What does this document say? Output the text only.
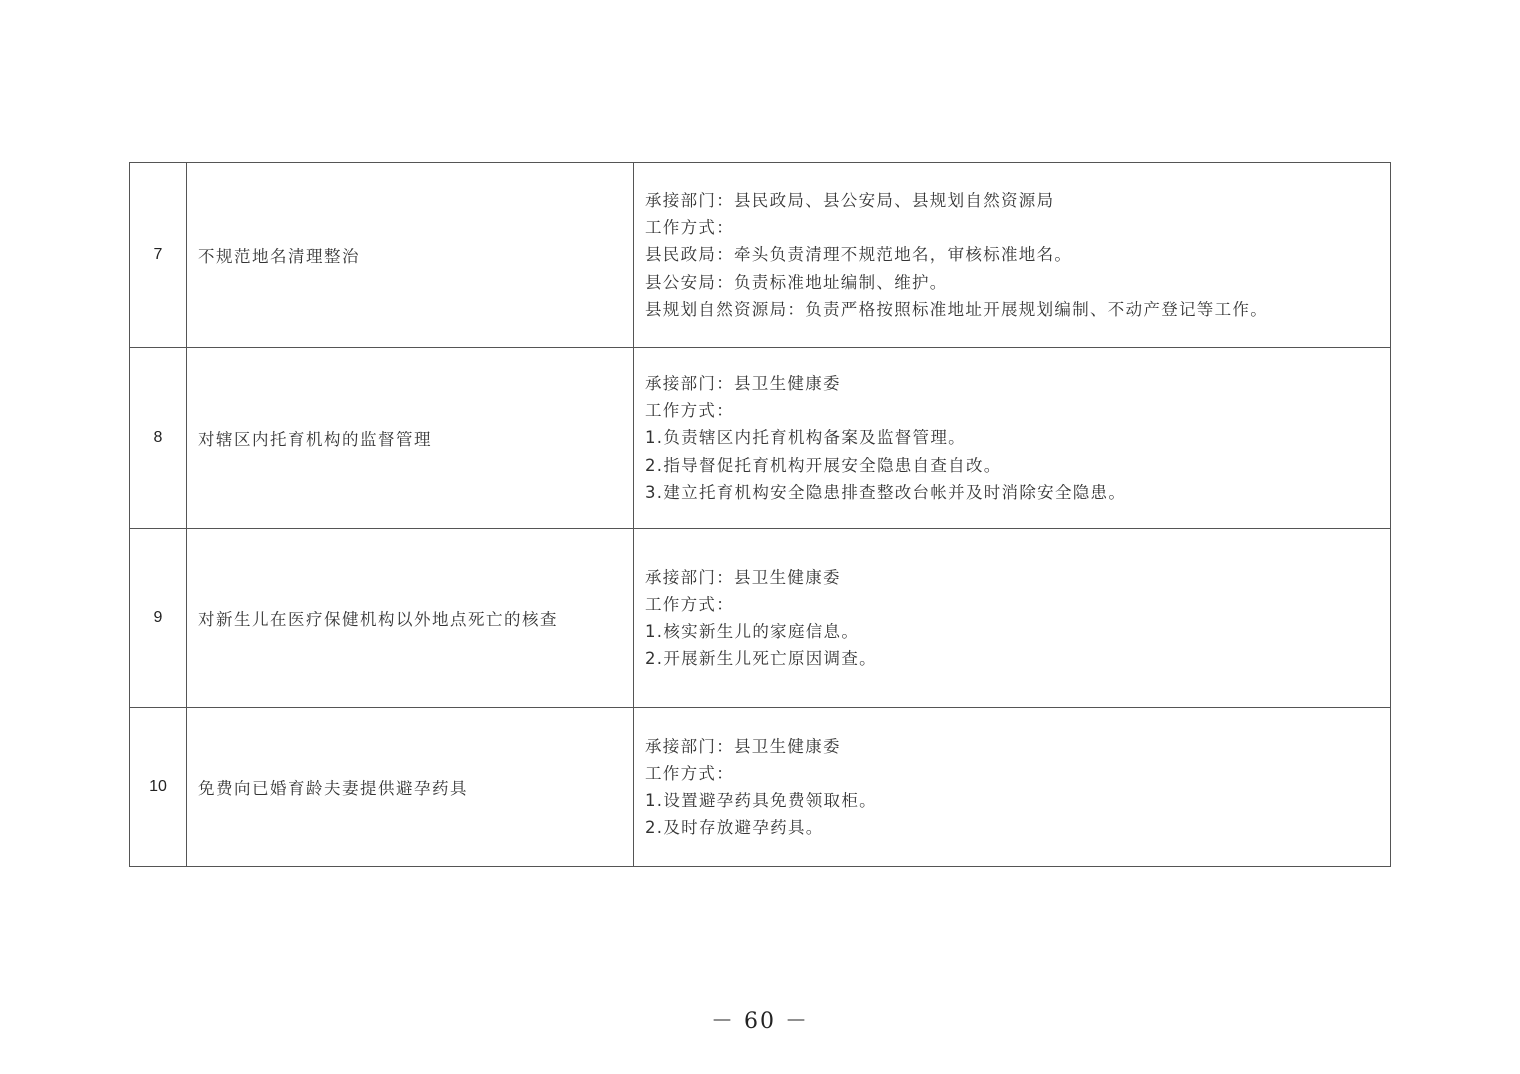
7	不规范地名清理整治	承接部门：县民政局、县公安局、县规划自然资源局
工作方式：
县民政局：牵头负责清理不规范地名，审核标准地名。
县公安局：负责标准地址编制、维护。
县规划自然资源局：负责严格按照标准地址开展规划编制、不动产登记等工作。

8	对辖区内托育机构的监督管理	承接部门：县卫生健康委
工作方式：
1.负责辖区内托育机构备案及监督管理。
2.指导督促托育机构开展安全隐患自查自改。
3.建立托育机构安全隐患排查整改台帐并及时消除安全隐患。

9	对新生儿在医疗保健机构以外地点死亡的核查	承接部门：县卫生健康委
工作方式：
1.核实新生儿的家庭信息。
2.开展新生儿死亡原因调查。

10	免费向已婚育龄夫妻提供避孕药具	承接部门：县卫生健康委
工作方式：
1.设置避孕药具免费领取柜。
2.及时存放避孕药具。
－ 60 －
